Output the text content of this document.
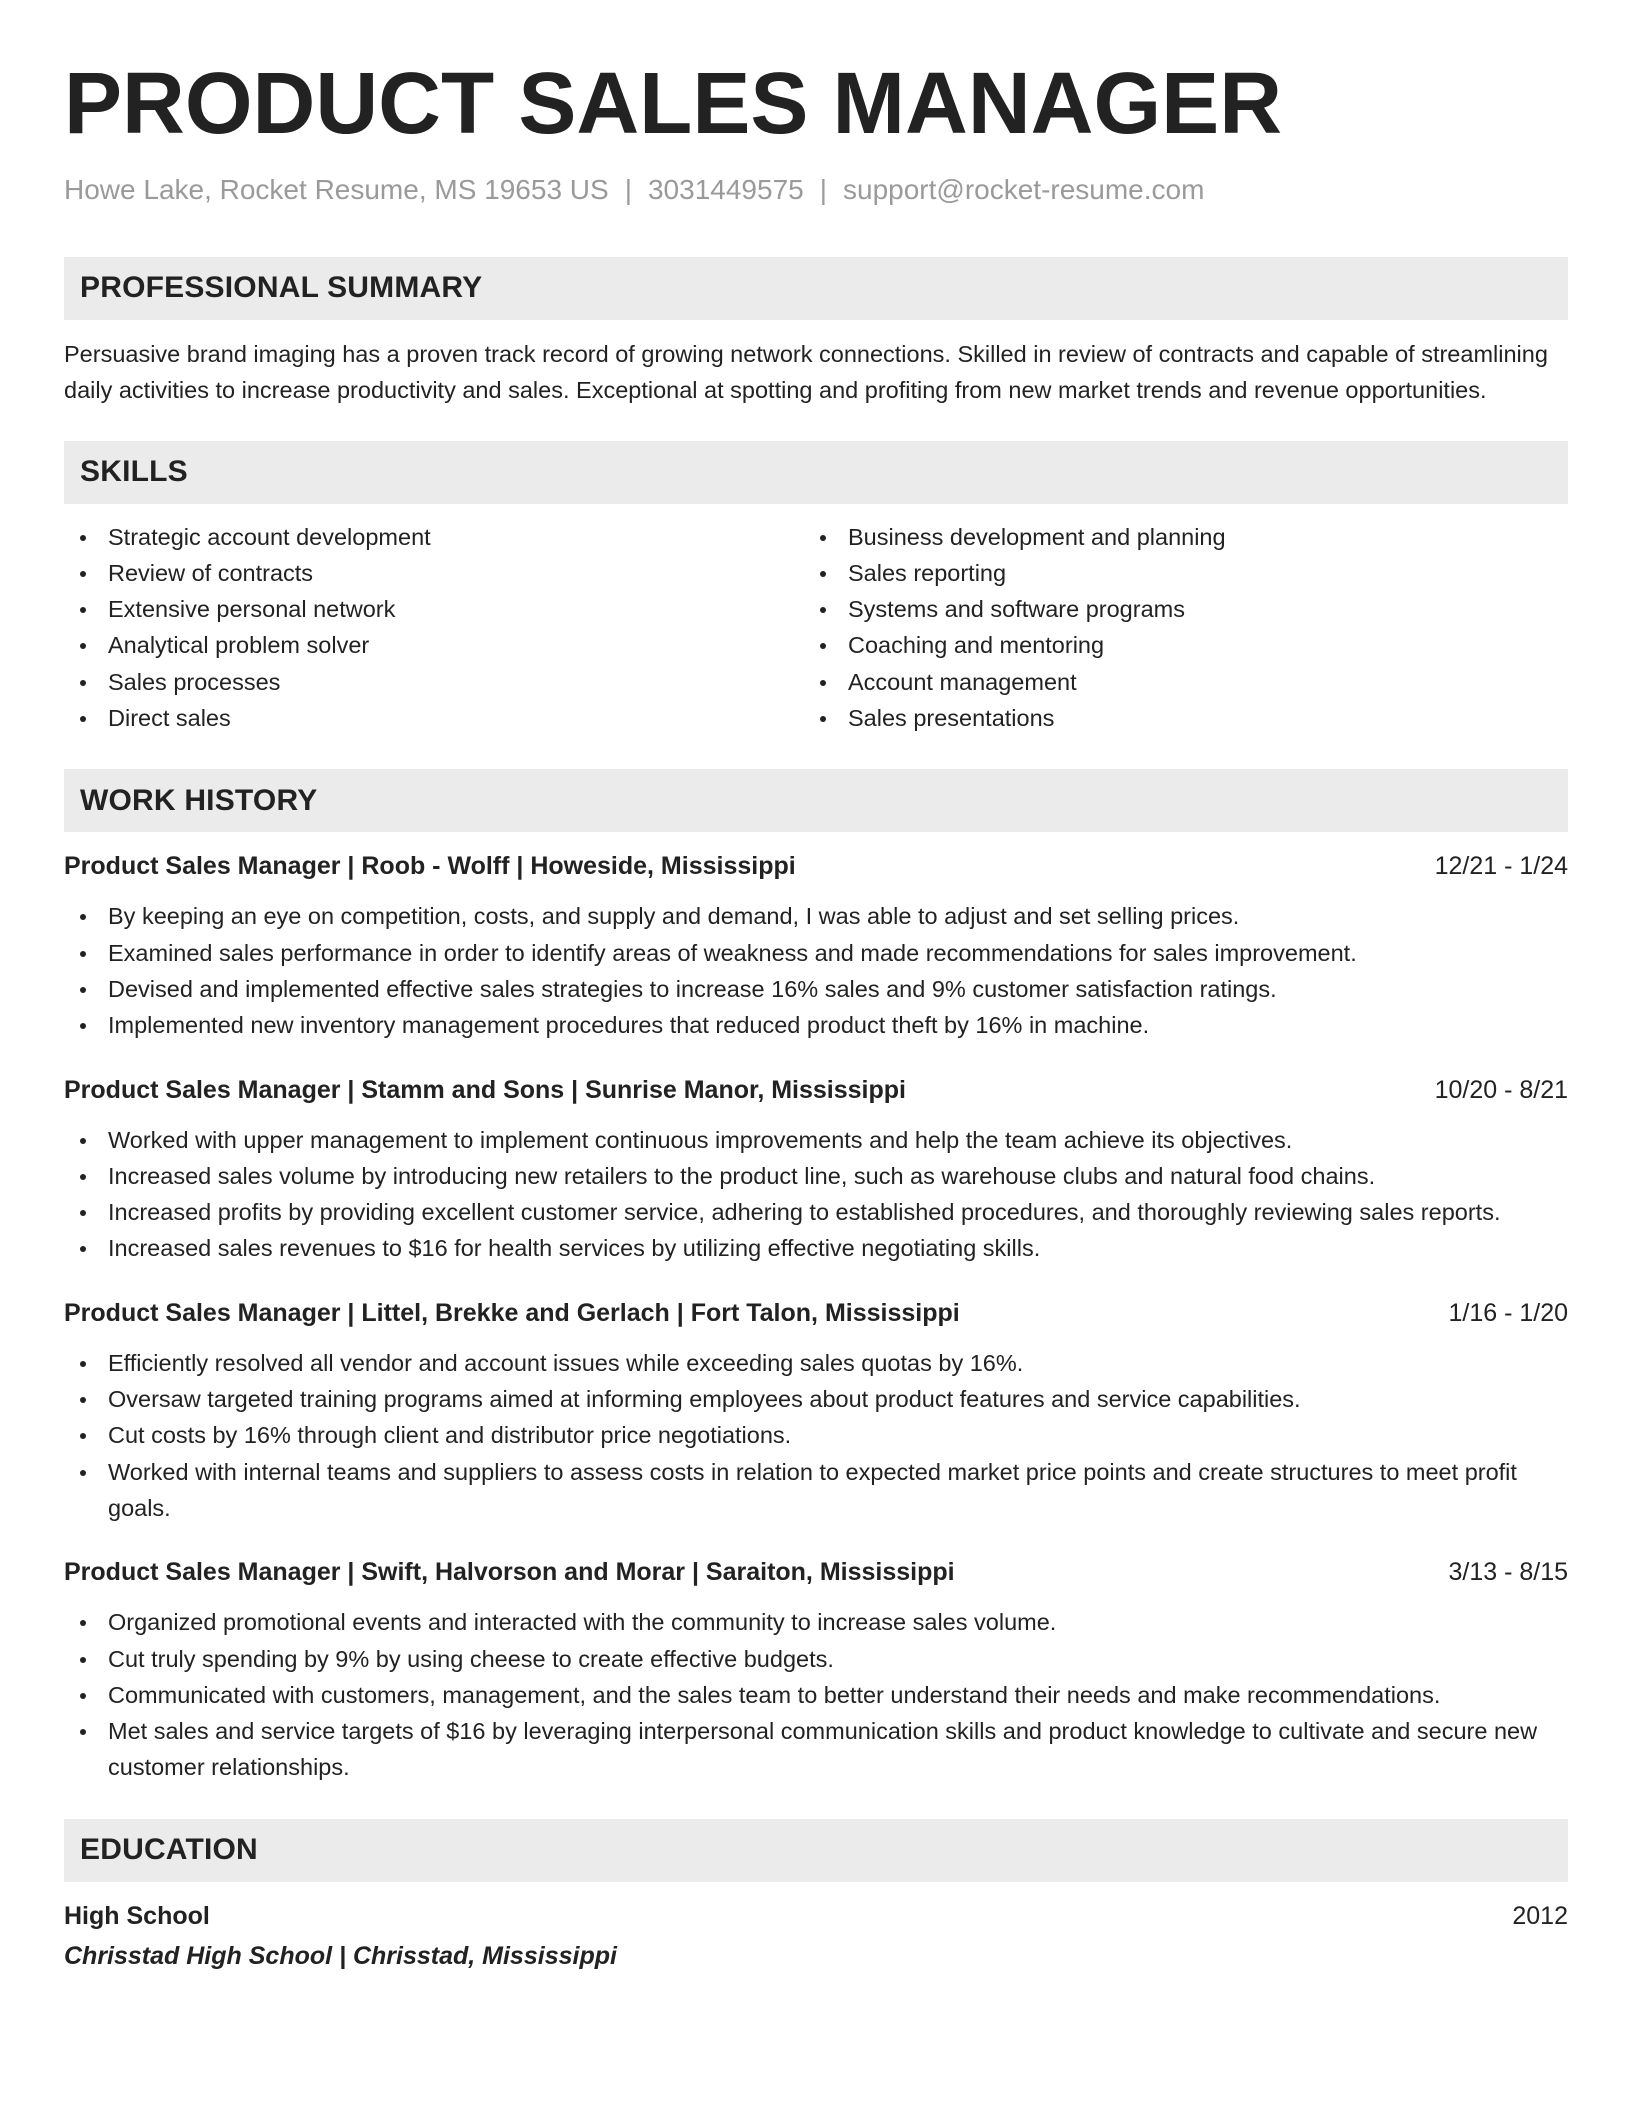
PRODUCT SALES MANAGER
Howe Lake, Rocket Resume, MS 19653 US | 3031449575 | support@rocket-resume.com
PROFESSIONAL SUMMARY

Persuasive brand imaging has a proven track record of growing network connections. Skilled in review of contracts and capable of streamlining daily activities to increase productivity and sales. Exceptional at spotting and profiting from new market trends and revenue opportunities.

SKILLS
Strategic account development
Review of contracts
Extensive personal network
Analytical problem solver
Sales processes
Direct sales
Business development and planning
Sales reporting
Systems and software programs
Coaching and mentoring
Account management
Sales presentations
WORK HISTORY
Product Sales Manager | Roob - Wolff | Howeside, Mississippi	12/21 - 1/24
By keeping an eye on competition, costs, and supply and demand, I was able to adjust and set selling prices.
Examined sales performance in order to identify areas of weakness and made recommendations for sales improvement.
Devised and implemented effective sales strategies to increase 16% sales and 9% customer satisfaction ratings.
Implemented new inventory management procedures that reduced product theft by 16% in machine.
Product Sales Manager | Stamm and Sons | Sunrise Manor, Mississippi	10/20 - 8/21
Worked with upper management to implement continuous improvements and help the team achieve its objectives.
Increased sales volume by introducing new retailers to the product line, such as warehouse clubs and natural food chains.
Increased profits by providing excellent customer service, adhering to established procedures, and thoroughly reviewing sales reports.
Increased sales revenues to $16 for health services by utilizing effective negotiating skills.
Product Sales Manager | Littel, Brekke and Gerlach | Fort Talon, Mississippi	1/16 - 1/20
Efficiently resolved all vendor and account issues while exceeding sales quotas by 16%.
Oversaw targeted training programs aimed at informing employees about product features and service capabilities.
Cut costs by 16% through client and distributor price negotiations.
Worked with internal teams and suppliers to assess costs in relation to expected market price points and create structures to meet profit goals.
Product Sales Manager | Swift, Halvorson and Morar | Saraiton, Mississippi	3/13 - 8/15
Organized promotional events and interacted with the community to increase sales volume.
Cut truly spending by 9% by using cheese to create effective budgets.
Communicated with customers, management, and the sales team to better understand their needs and make recommendations.
Met sales and service targets of $16 by leveraging interpersonal communication skills and product knowledge to cultivate and secure new customer relationships.
EDUCATION
High School	2012
Chrisstad High School | Chrisstad, Mississippi
